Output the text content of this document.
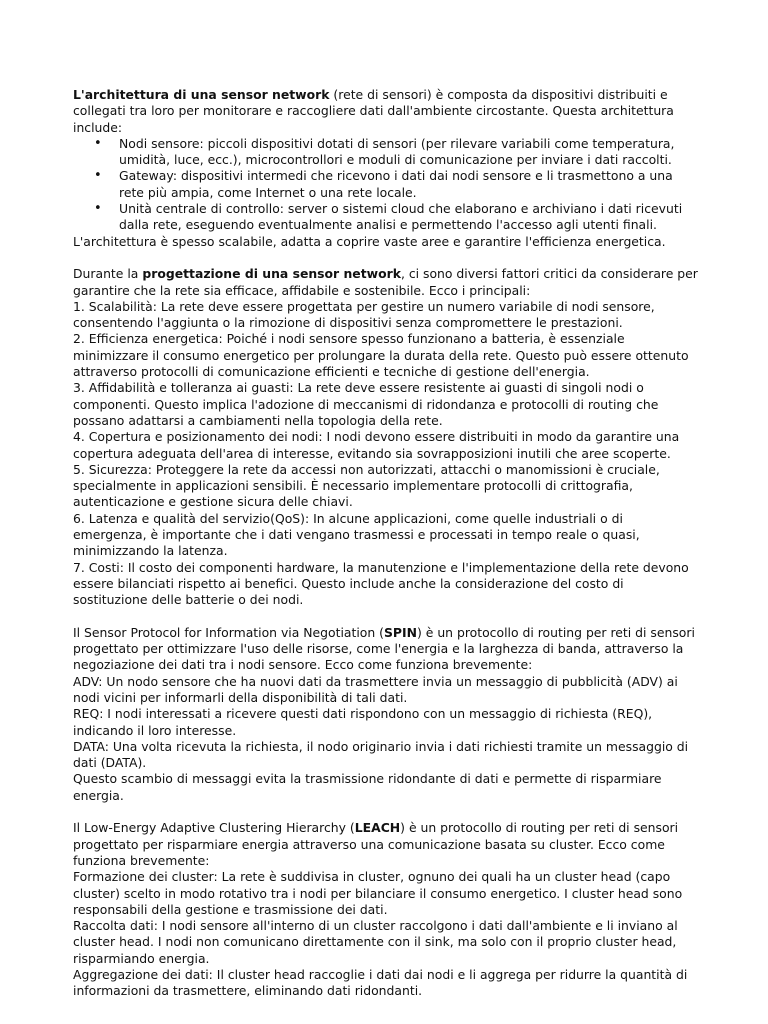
L'architettura di una sensor network (rete di sensori) è composta da dispositivi distribuiti e collegati tra loro per monitorare e raccogliere dati dall'ambiente circostante. Questa architettura include:

• Nodi sensore: piccoli dispositivi dotati di sensori (per rilevare variabili come temperatura, umidità, luce, ecc.), microcontrollori e moduli di comunicazione per inviare i dati raccolti.
• Gateway: dispositivi intermedi che ricevono i dati dai nodi sensore e li trasmettono a una rete più ampia, come Internet o una rete locale.
• Unità centrale di controllo: server o sistemi cloud che elaborano e archiviano i dati ricevuti dalla rete, eseguendo eventualmente analisi e permettendo l'accesso agli utenti finali.

L'architettura è spesso scalabile, adatta a coprire vaste aree e garantire l'efficienza energetica.

Durante la progettazione di una sensor network, ci sono diversi fattori critici da considerare per garantire che la rete sia efficace, affidabile e sostenibile. Ecco i principali:

1. Scalabilità: La rete deve essere progettata per gestire un numero variabile di nodi sensore, consentendo l'aggiunta o la rimozione di dispositivi senza compromettere le prestazioni.

2. Efficienza energetica: Poiché i nodi sensore spesso funzionano a batteria, è essenziale minimizzare il consumo energetico per prolungare la durata della rete. Questo può essere ottenuto attraverso protocolli di comunicazione efficienti e tecniche di gestione dell'energia.

3. Affidabilità e tolleranza ai guasti: La rete deve essere resistente ai guasti di singoli nodi o componenti. Questo implica l'adozione di meccanismi di ridondanza e protocolli di routing che possano adattarsi a cambiamenti nella topologia della rete.

4. Copertura e posizionamento dei nodi: I nodi devono essere distribuiti in modo da garantire una copertura adeguata dell'area di interesse, evitando sia sovrapposizioni inutili che aree scoperte.

5. Sicurezza: Proteggere la rete da accessi non autorizzati, attacchi o manomissioni è cruciale, specialmente in applicazioni sensibili. È necessario implementare protocolli di crittografia, autenticazione e gestione sicura delle chiavi.

6. Latenza e qualità del servizio(QoS): In alcune applicazioni, come quelle industriali o di emergenza, è importante che i dati vengano trasmessi e processati in tempo reale o quasi, minimizzando la latenza.

7. Costi: Il costo dei componenti hardware, la manutenzione e l'implementazione della rete devono essere bilanciati rispetto ai benefici. Questo include anche la considerazione del costo di sostituzione delle batterie o dei nodi.

Il Sensor Protocol for Information via Negotiation (SPIN) è un protocollo di routing per reti di sensori progettato per ottimizzare l'uso delle risorse, come l'energia e la larghezza di banda, attraverso la negoziazione dei dati tra i nodi sensore. Ecco come funziona brevemente:

ADV: Un nodo sensore che ha nuovi dati da trasmettere invia un messaggio di pubblicità (ADV) ai nodi vicini per informarli della disponibilità di tali dati.

REQ: I nodi interessati a ricevere questi dati rispondono con un messaggio di richiesta (REQ), indicando il loro interesse.

DATA: Una volta ricevuta la richiesta, il nodo originario invia i dati richiesti tramite un messaggio di dati (DATA).

Questo scambio di messaggi evita la trasmissione ridondante di dati e permette di risparmiare energia.

Il Low-Energy Adaptive Clustering Hierarchy (LEACH) è un protocollo di routing per reti di sensori progettato per risparmiare energia attraverso una comunicazione basata su cluster. Ecco come funziona brevemente:

Formazione dei cluster: La rete è suddivisa in cluster, ognuno dei quali ha un cluster head (capo cluster) scelto in modo rotativo tra i nodi per bilanciare il consumo energetico. I cluster head sono responsabili della gestione e trasmissione dei dati.

Raccolta dati: I nodi sensore all'interno di un cluster raccolgono i dati dall'ambiente e li inviano al cluster head. I nodi non comunicano direttamente con il sink, ma solo con il proprio cluster head, risparmiando energia.

Aggregazione dei dati: Il cluster head raccoglie i dati dai nodi e li aggrega per ridurre la quantità di informazioni da trasmettere, eliminando dati ridondanti.
